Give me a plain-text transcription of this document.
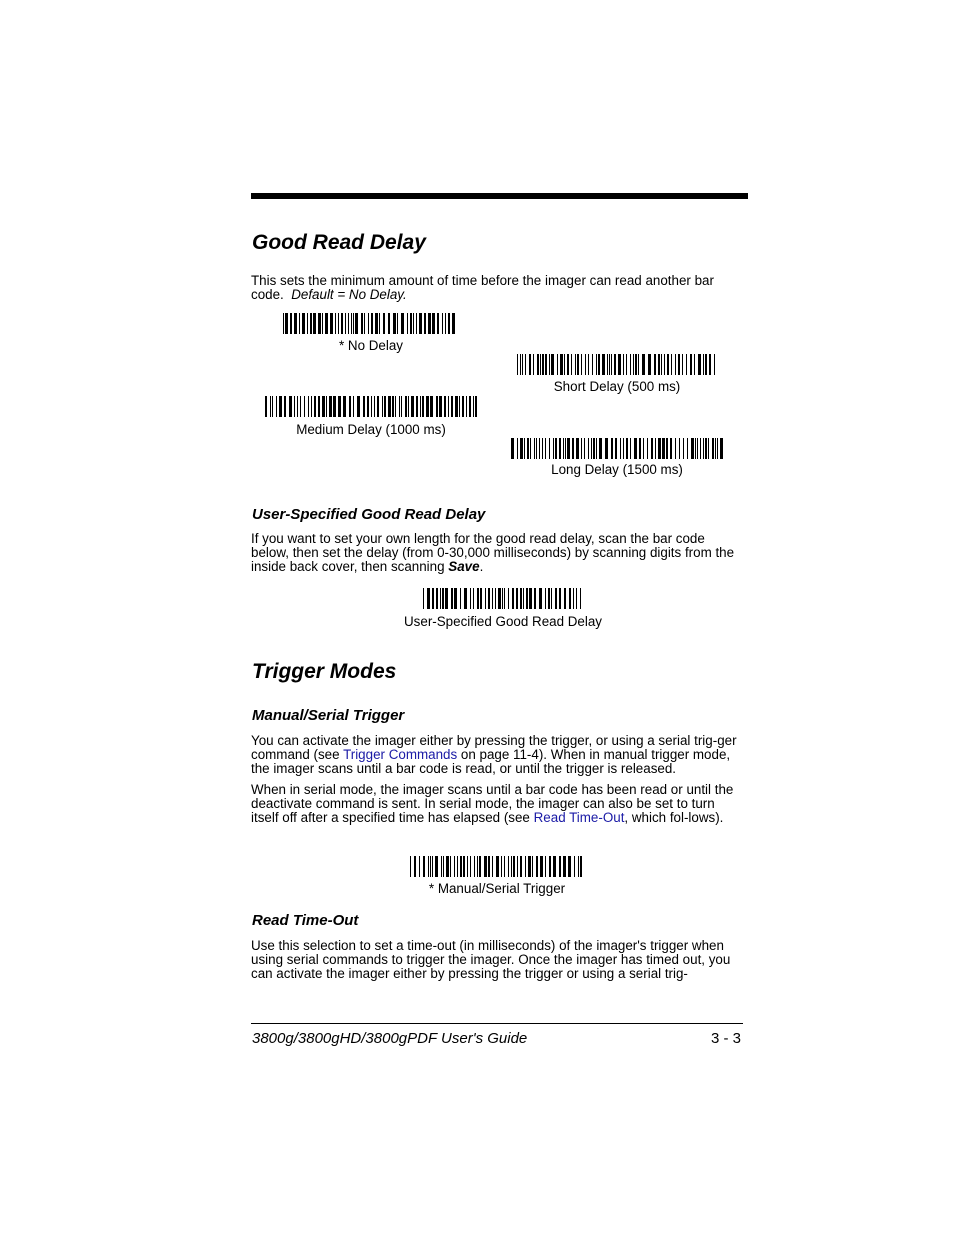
Good Read Delay

This sets the minimum amount of time before the imager can read another bar code. Default = No Delay.

* No Delay
Short Delay (500 ms)
Medium Delay (1000 ms)
Long Delay (1500 ms)
User-Specified Good Read Delay

If you want to set your own length for the good read delay, scan the bar code below, then set the delay (from 0-30,000 milliseconds) by scanning digits from the inside back cover, then scanning Save.

User-Specified Good Read Delay
Trigger Modes
Manual/Serial Trigger

You can activate the imager either by pressing the trigger, or using a serial trig-ger command (see Trigger Commands on page 11-4). When in manual trigger mode, the imager scans until a bar code is read, or until the trigger is released.

When in serial mode, the imager scans until a bar code has been read or until the deactivate command is sent. In serial mode, the imager can also be set to turn itself off after a specified time has elapsed (see Read Time-Out, which fol-lows).

* Manual/Serial Trigger
Read Time-Out

Use this selection to set a time-out (in milliseconds) of the imager's trigger when using serial commands to trigger the imager. Once the imager has timed out, you can activate the imager either by pressing the trigger or using a serial trig-

3800g/3800gHD/3800gPDF User's Guide	3 - 3
